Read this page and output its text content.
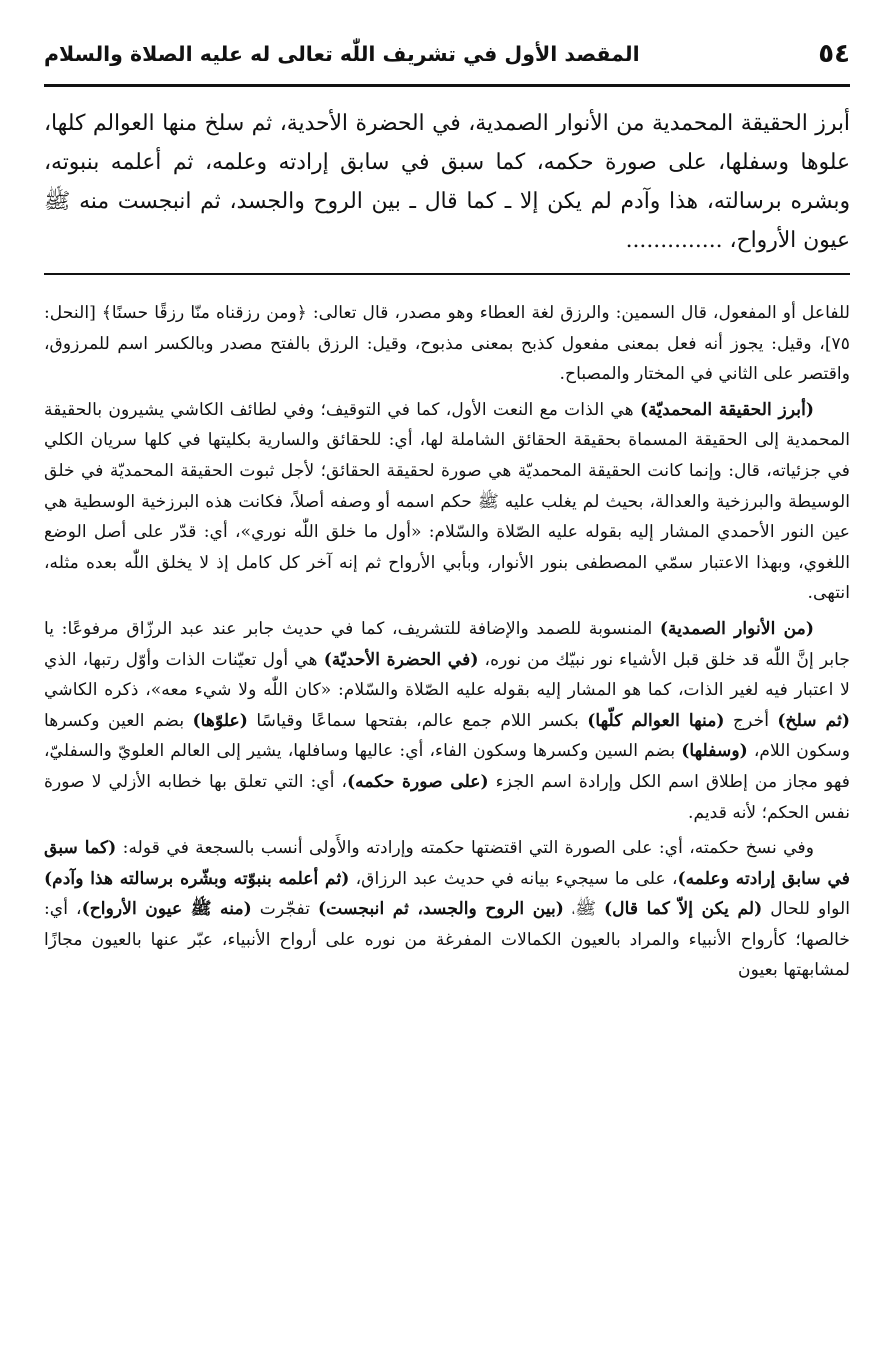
٥٤
المقصد الأول في تشريف اللّٰه تعالى له عليه الصلاة والسلام

أبرز الحقيقة المحمدية من الأنوار الصمدية، في الحضرة الأحدية، ثم سلخ منها العوالم كلها، علوها وسفلها، على صورة حكمه، كما سبق في سابق إرادته وعلمه، ثم أعلمه بنبوته، وبشره برسالته، هذا وآدم لم يكن إلا ـ كما قال ـ بين الروح والجسد، ثم انبجست منه ﷺ عيون الأرواح، ..............

للفاعل أو المفعول، قال السمين: والرزق لغة العطاء وهو مصدر، قال تعالى: ﴿ومن رزقناه منّا رزقًا حسنًا﴾ [النحل: ٧٥]، وقيل: يجوز أنه فعل بمعنى مفعول كذبح بمعنى مذبوح، وقيل: الرزق بالفتح مصدر وبالكسر اسم للمرزوق، واقتصر على الثاني في المختار والمصباح.

(أبرز الحقيقة المحمديّة) هي الذات مع النعت الأول، كما في التوقيف؛ وفي لطائف الكاشي يشيرون بالحقيقة المحمدية إلى الحقيقة المسماة بحقيقة الحقائق الشاملة لها، أي: للحقائق والسارية بكليتها في كلها سريان الكلي في جزئياته، قال: وإنما كانت الحقيقة المحمديّة هي صورة لحقيقة الحقائق؛ لأجل ثبوت الحقيقة المحمديّة في خلق الوسيطة والبرزخية والعدالة، بحيث لم يغلب عليه ﷺ حكم اسمه أو وصفه أصلاً، فكانت هذه البرزخية الوسطية هي عين النور الأحمدي المشار إليه بقوله عليه الصّلاة والسّلام: «أول ما خلق اللّٰه نوري»، أي: قدّر على أصل الوضع اللغوي، وبهذا الاعتبار سمّي المصطفى بنور الأنوار، وبأبي الأرواح ثم إنه آخر كل كامل إذ لا يخلق اللّٰه بعده مثله، انتهى.

(من الأنوار الصمدية) المنسوبة للصمد والإضافة للتشريف، كما في حديث جابر عند عبد الرزّاق مرفوعًا: يا جابر إنَّ اللّٰه قد خلق قبل الأشياء نور نبيّك من نوره، (في الحضرة الأحديّة) هي أول تعيّنات الذات وأوّل رتبها، الذي لا اعتبار فيه لغير الذات، كما هو المشار إليه بقوله عليه الصّلاة والسّلام: «كان اللّٰه ولا شيء معه»، ذكره الكاشي (ثم سلخ) أخرج (منها العوالم كلّها) بكسر اللام جمع عالم، بفتحها سماعًا وقياسًا (علوّها) بضم العين وكسرها وسكون اللام، (وسفلها) بضم السين وكسرها وسكون الفاء، أي: عاليها وسافلها، يشير إلى العالم العلويّ والسفليّ، فهو مجاز من إطلاق اسم الكل وإرادة اسم الجزء (على صورة حكمه)، أي: التي تعلق بها خطابه الأزلي لا صورة نفس الحكم؛ لأنه قديم.

وفي نسخ حكمته، أي: على الصورة التي اقتضتها حكمته وإرادته والأَولى أنسب بالسجعة في قوله: (كما سبق في سابق إرادته وعلمه)، على ما سيجيء بيانه في حديث عبد الرزاق، (ثم أعلمه بنبوّته وبشّره برسالته هذا وآدم) الواو للحال (لم يكن إلاّ كما قال) ﷺ، (بين الروح والجسد، ثم انبجست) تفجّرت (منه ﷺ عيون الأرواح)، أي: خالصها؛ كأرواح الأنبياء والمراد بالعيون الكمالات المفرغة من نوره على أرواح الأنبياء، عبّر عنها بالعيون مجازًا لمشابهتها بعيون
